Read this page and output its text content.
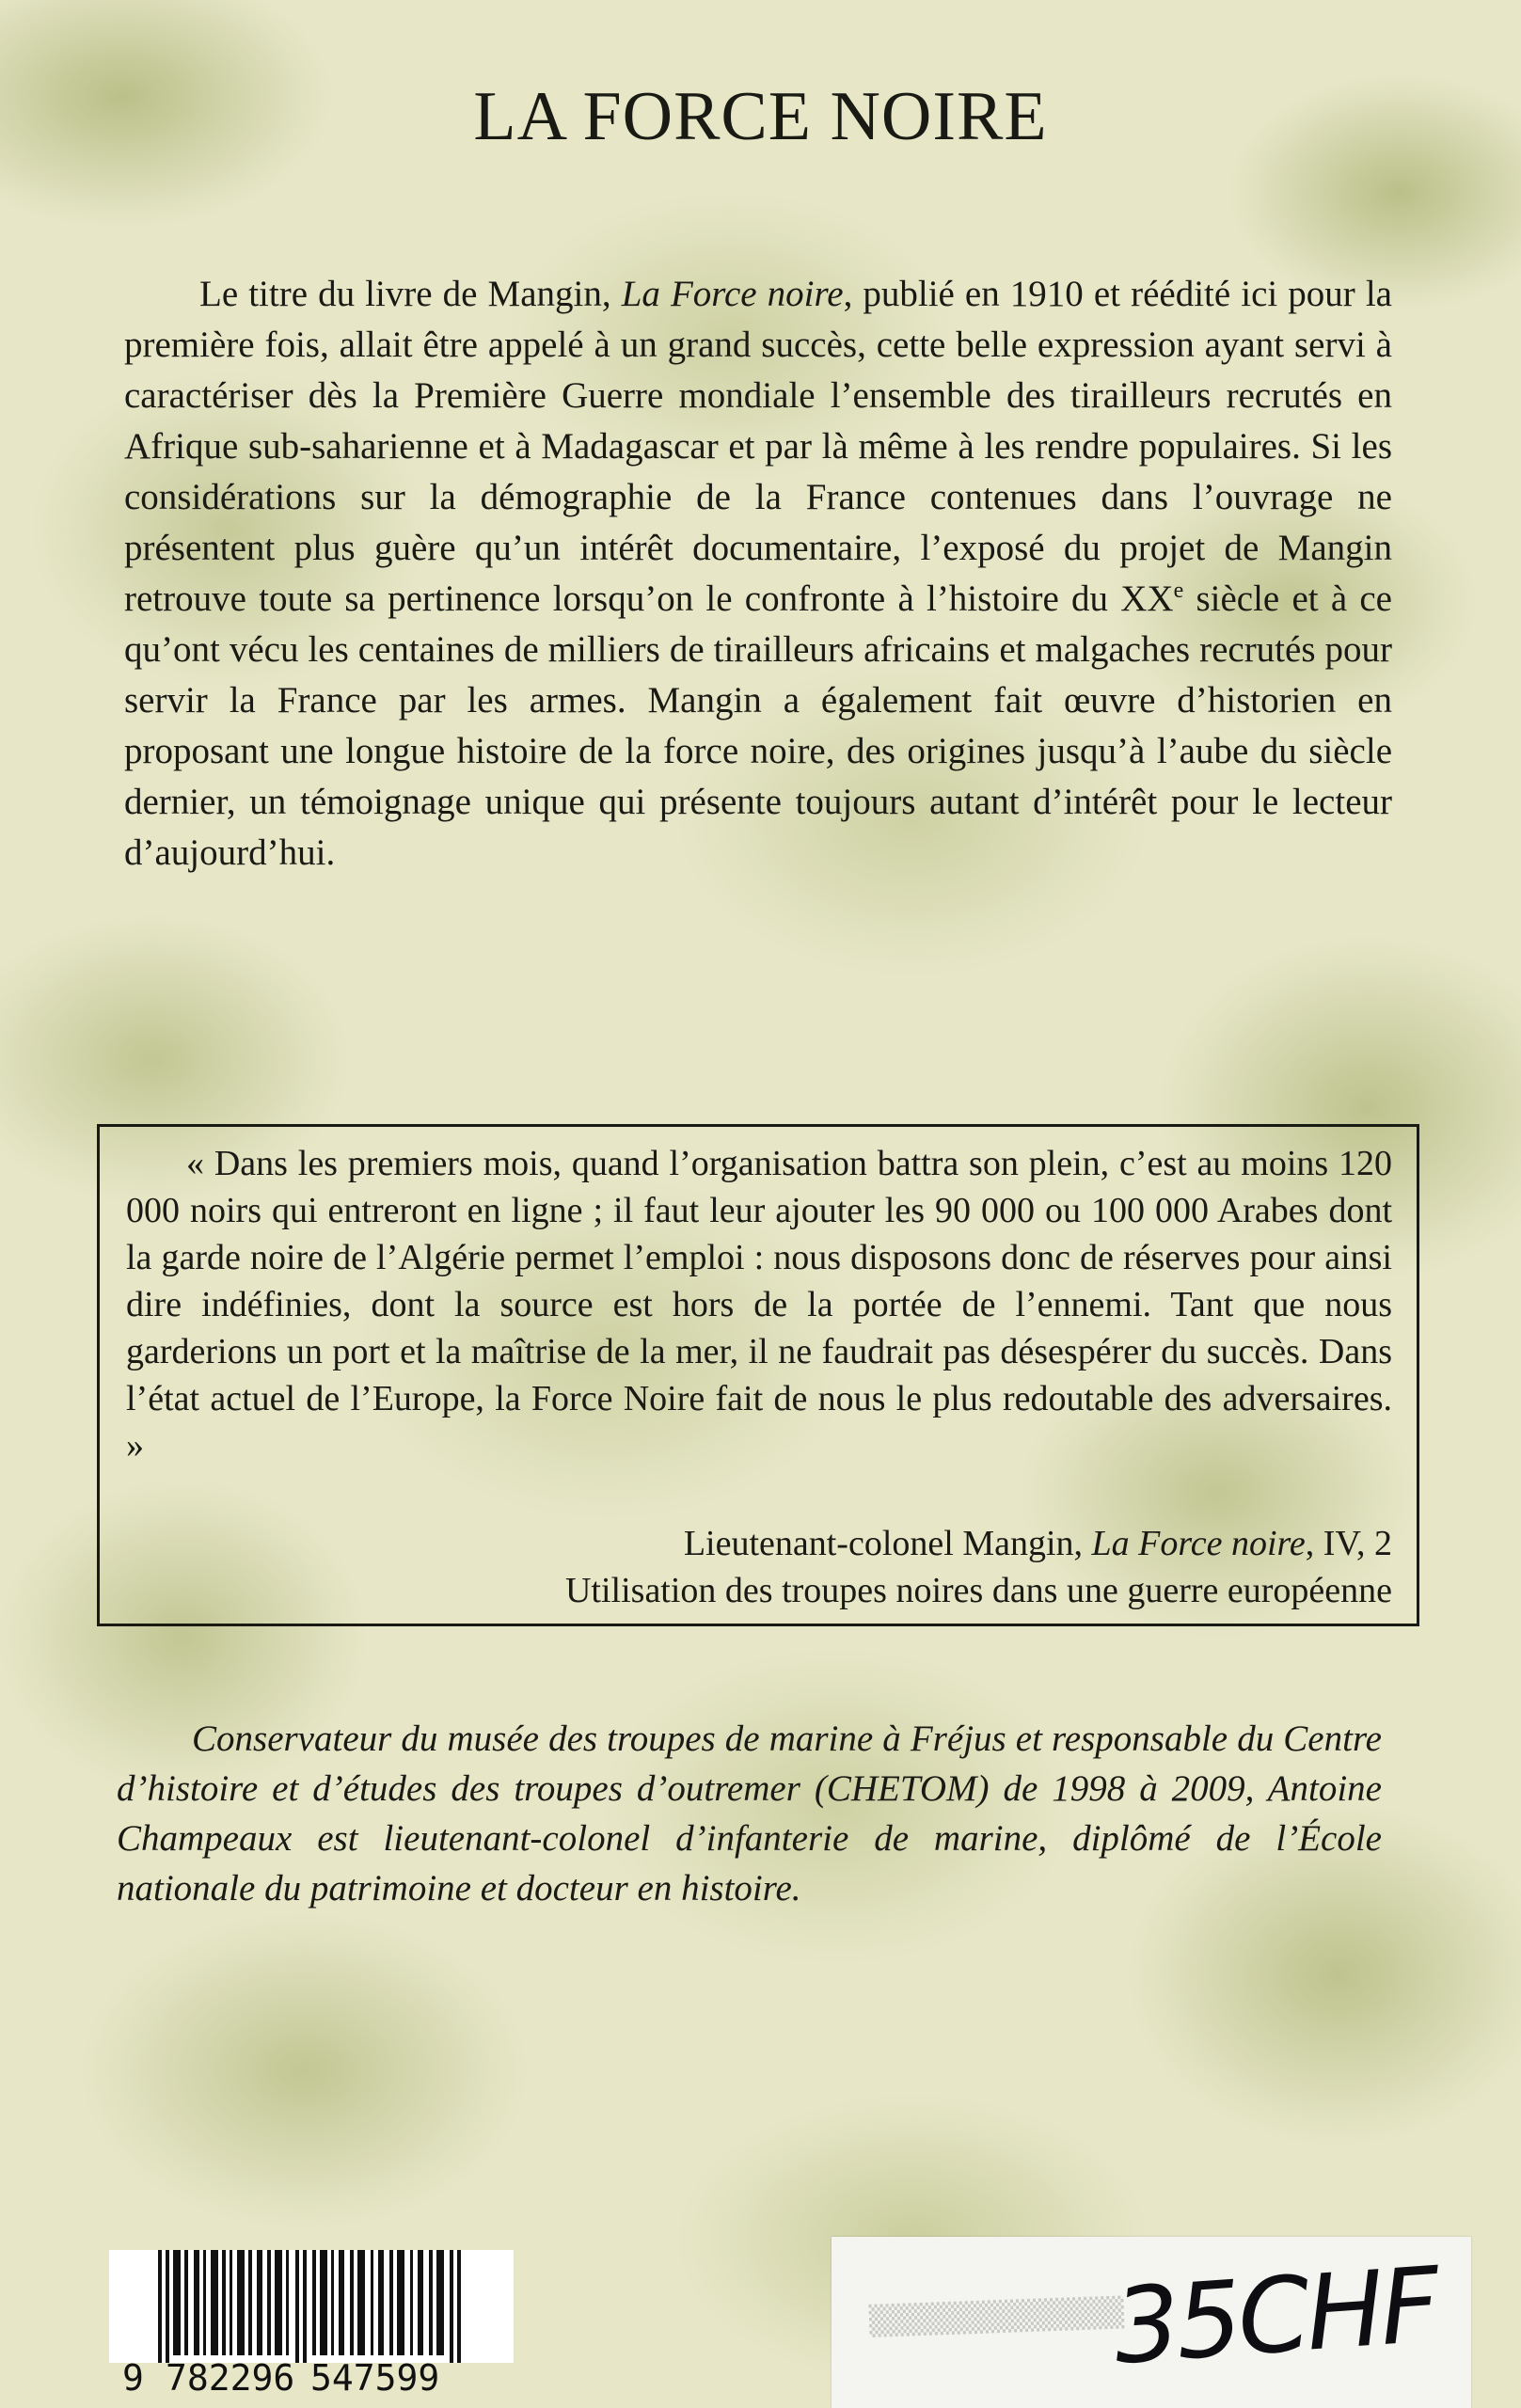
LA FORCE NOIRE

Le titre du livre de Mangin, La Force noire, publié en 1910 et réédité ici pour la première fois, allait être appelé à un grand succès, cette belle expression ayant servi à caractériser dès la Première Guerre mondiale l’ensemble des tirailleurs recrutés en Afrique sub-saharienne et à Madagascar et par là même à les rendre populaires. Si les considérations sur la démographie de la France contenues dans l’ouvrage ne présentent plus guère qu’un intérêt documentaire, l’exposé du projet de Mangin retrouve toute sa pertinence lorsqu’on le confronte à l’histoire du XXe siècle et à ce qu’ont vécu les centaines de milliers de tirailleurs africains et malgaches recrutés pour servir la France par les armes. Mangin a également fait œuvre d’historien en proposant une longue histoire de la force noire, des origines jusqu’à l’aube du siècle dernier, un témoignage unique qui présente toujours autant d’intérêt pour le lecteur d’aujourd’hui.

« Dans les premiers mois, quand l’organisation battra son plein, c’est au moins 120 000 noirs qui entreront en ligne ; il faut leur ajouter les 90 000 ou 100 000 Arabes dont la garde noire de l’Algérie permet l’emploi : nous disposons donc de réserves pour ainsi dire indéfinies, dont la source est hors de la portée de l’ennemi. Tant que nous garderions un port et la maîtrise de la mer, il ne faudrait pas désespérer du succès. Dans l’état actuel de l’Europe, la Force Noire fait de nous le plus redoutable des adversaires. »

Lieutenant-colonel Mangin, La Force noire, IV, 2

Utilisation des troupes noires dans une guerre européenne

Conservateur du musée des troupes de marine à Fréjus et responsable du Centre d’histoire et d’études des troupes d’outremer (CHETOM) de 1998 à 2009, Antoine Champeaux est lieutenant-colonel d’infanterie de marine, diplômé de l’École nationale du patrimoine et docteur en histoire.

9 782296 547599
▒▒▒▒▒▒▒▒▒▒▒▒▒▒▒
35CHF
